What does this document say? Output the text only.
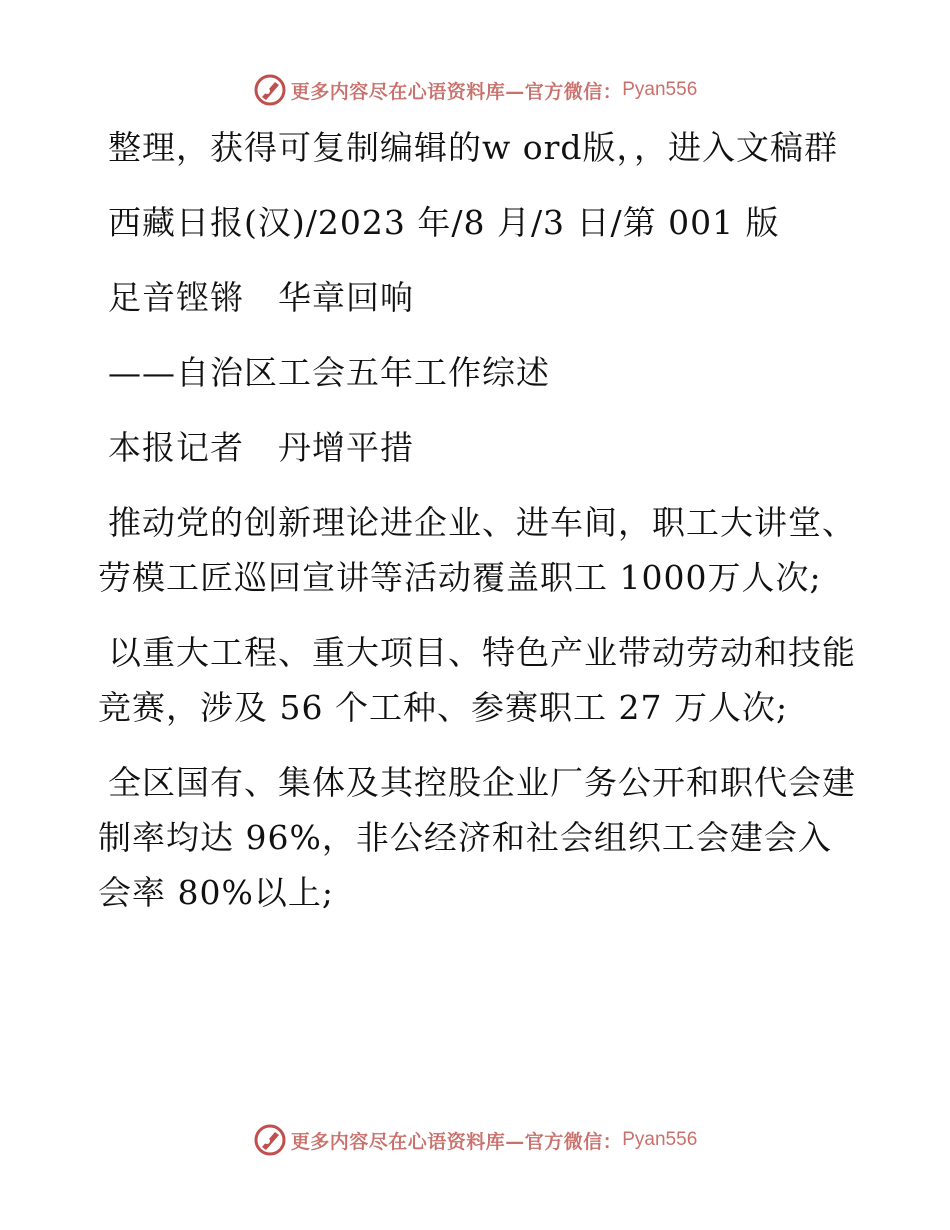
更多内容尽在心语资料库—官方微信： Pyan556

整理，获得可复制编辑的w ord版，，进入文稿群

西藏日报(汉)/2023 年/8 月/3 日/第 001 版

足音铿锵　华章回响

——自治区工会五年工作综述

本报记者　丹增平措

推动党的创新理论进企业、进车间，职工大讲堂、劳模工匠巡回宣讲等活动覆盖职工 1000万人次;

以重大工程、重大项目、特色产业带动劳动和技能竞赛，涉及 56 个工种、参赛职工 27 万人次;

全区国有、集体及其控股企业厂务公开和职代会建制率均达 96%，非公经济和社会组织工会建会入会率 80%以上;

更多内容尽在心语资料库—官方微信： Pyan556
